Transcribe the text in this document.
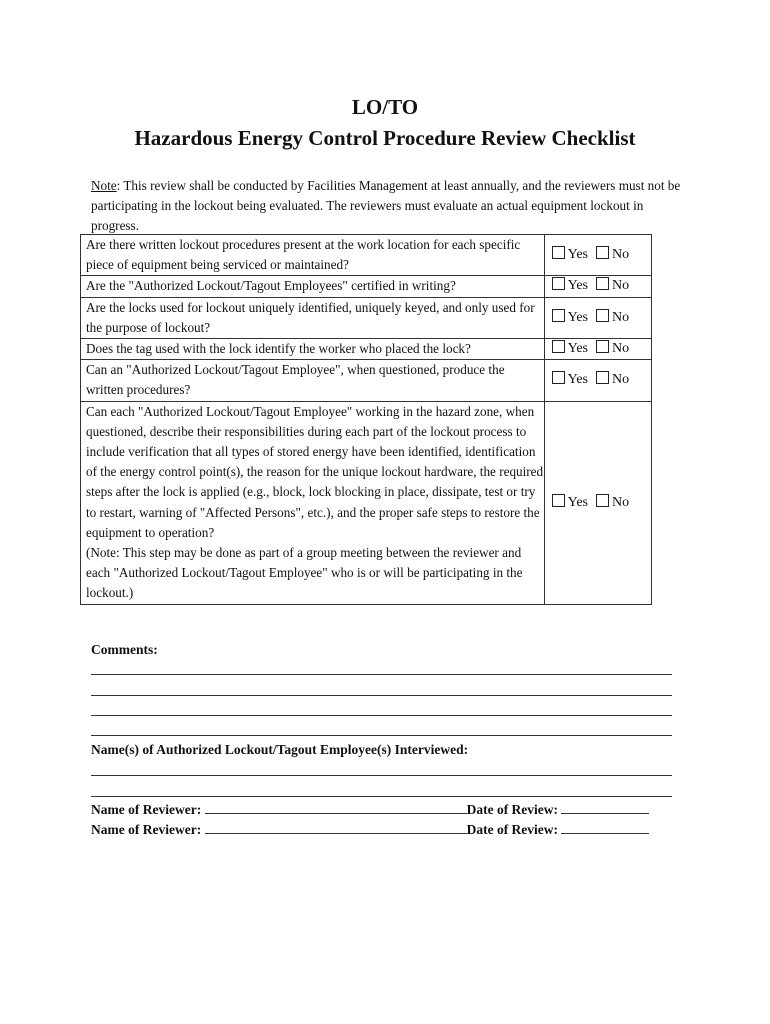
LO/TO
Hazardous Energy Control Procedure Review Checklist
Note: This review shall be conducted by Facilities Management at least annually, and the reviewers must not be participating in the lockout being evaluated. The reviewers must evaluate an actual equipment lockout in progress.
Are there written lockout procedures present at the work location for each specific piece of equipment being serviced or maintained?	Yes No
Are the "Authorized Lockout/Tagout Employees" certified in writing?	Yes No
Are the locks used for lockout uniquely identified, uniquely keyed, and only used for the purpose of lockout?	Yes No
Does the tag used with the lock identify the worker who placed the lock?	Yes No
Can an "Authorized Lockout/Tagout Employee", when questioned, produce the written procedures?	Yes No

Can each "Authorized Lockout/Tagout Employee" working in the hazard zone, when questioned, describe their responsibilities during each part of the lockout process to include verification that all types of stored energy have been identified, identification of the energy control point(s), the reason for the unique lockout hardware, the required steps after the lock is applied (e.g., block, lock blocking in place, dissipate, test or try to restart, warning of "Affected Persons", etc.), and the proper safe steps to restore the equipment to operation?
(Note: This step may be done as part of a group meeting between the reviewer and each "Authorized Lockout/Tagout Employee" who is or will be participating in the lockout.)	Yes No
Comments:
Name(s) of Authorized Lockout/Tagout Employee(s) Interviewed:
Name of Reviewer:	Date of Review:
Name of Reviewer:	Date of Review:
